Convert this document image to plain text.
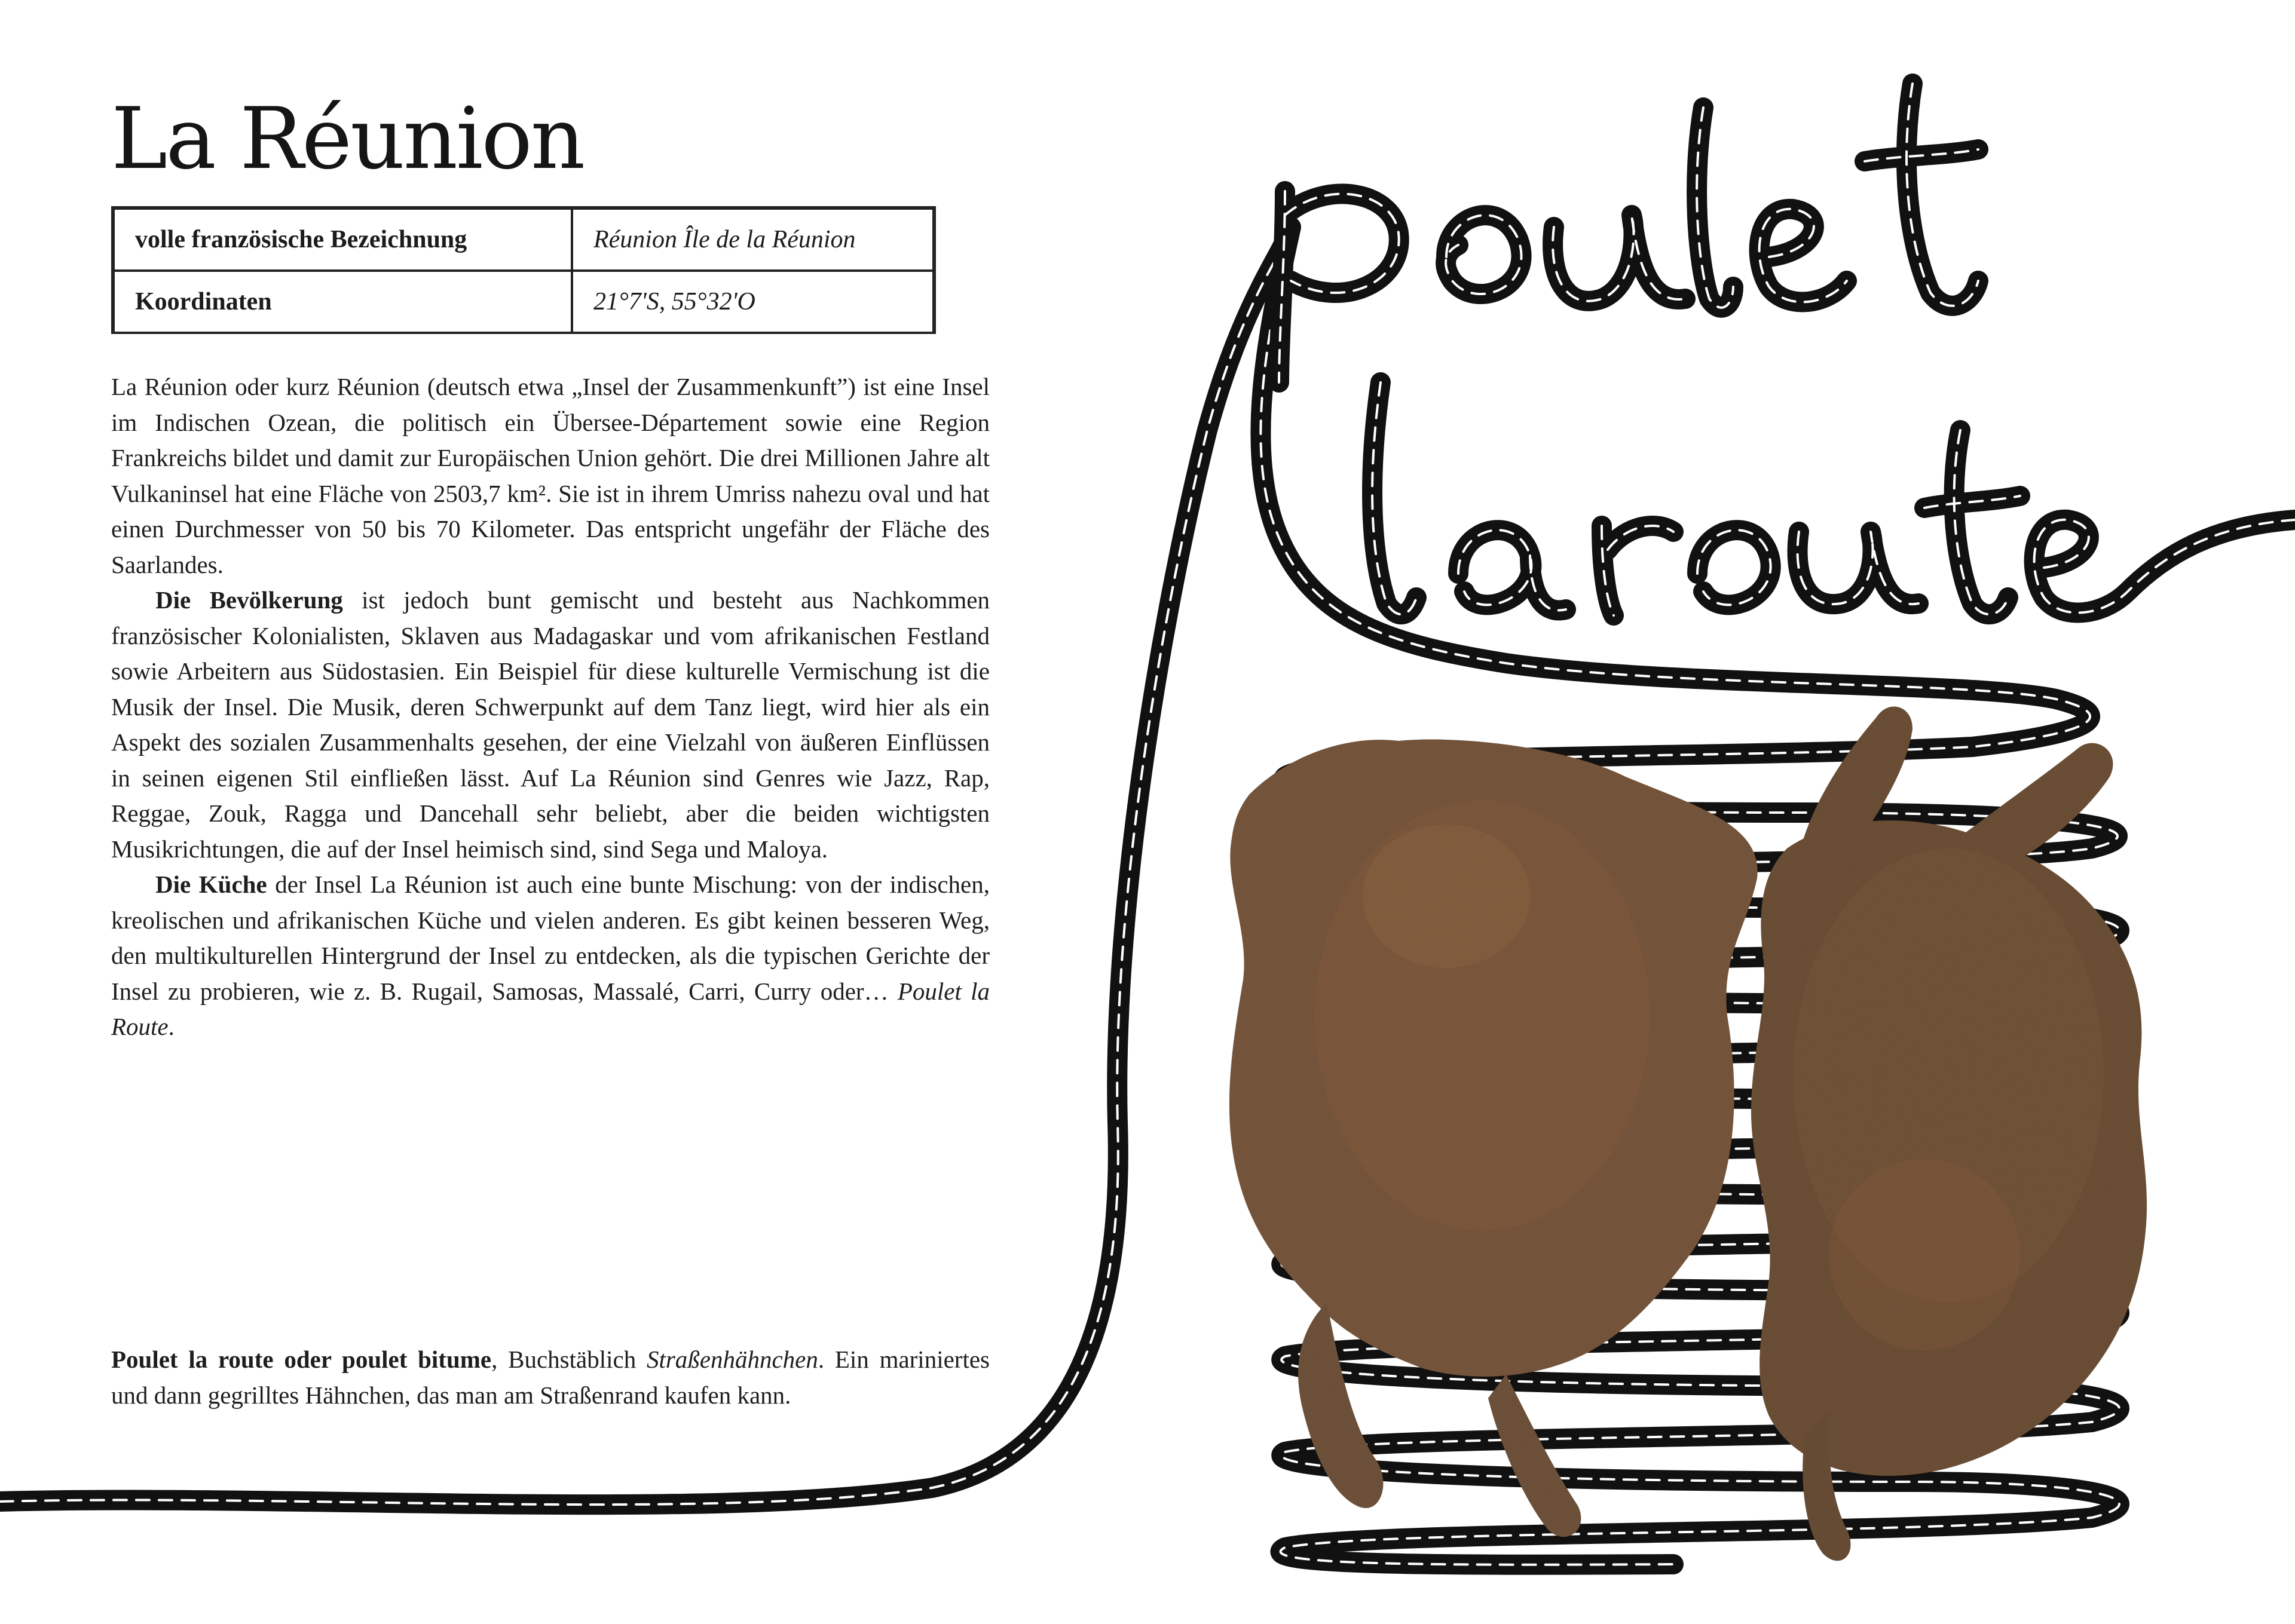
La Réunion
volle französische Bezeichnung	Réunion Île de la Réunion
Koordinaten	21°7'S, 55°32'O

La Réunion oder kurz Réunion (deutsch etwa „Insel der Zusammenkunft”) ist eine Insel im Indischen Ozean, die politisch ein Übersee-Département sowie eine Region Frankreichs bildet und damit zur Europäischen Union gehört. Die drei Millionen Jahre alt Vulkaninsel hat eine Fläche von 2503,7 km². Sie ist in ihrem Umriss nahezu oval und hat einen Durchmesser von 50 bis 70 Kilometer. Das entspricht ungefähr der Fläche des Saarlandes.

Die Bevölkerung ist jedoch bunt gemischt und besteht aus Nachkommen französischer Kolonialisten, Sklaven aus Madagaskar und vom afrikanischen Festland sowie Arbeitern aus Südostasien. Ein Beispiel für diese kulturelle Vermischung ist die Musik der Insel. Die Musik, deren Schwerpunkt auf dem Tanz liegt, wird hier als ein Aspekt des sozialen Zusammenhalts gesehen, der eine Vielzahl von äußeren Einflüssen in seinen eigenen Stil einfließen lässt. Auf La Réunion sind Genres wie Jazz, Rap, Reggae, Zouk, Ragga und Dancehall sehr beliebt, aber die beiden wichtigsten Musikrichtungen, die auf der Insel heimisch sind, sind Sega und Maloya.

Die Küche der Insel La Réunion ist auch eine bunte Mischung: von der indischen, kreolischen und afrikanischen Küche und vielen anderen. Es gibt keinen besseren Weg, den multikulturellen Hintergrund der Insel zu entdecken, als die typischen Gerichte der Insel zu probieren, wie z. B. Rugail, Samosas, Massalé, Carri, Curry oder… Poulet la Route.

Poulet la route oder poulet bitume, Buchstäblich Straßenhähnchen. Ein mariniertes und dann gegrilltes Hähnchen, das man am Straßenrand kaufen kann.
